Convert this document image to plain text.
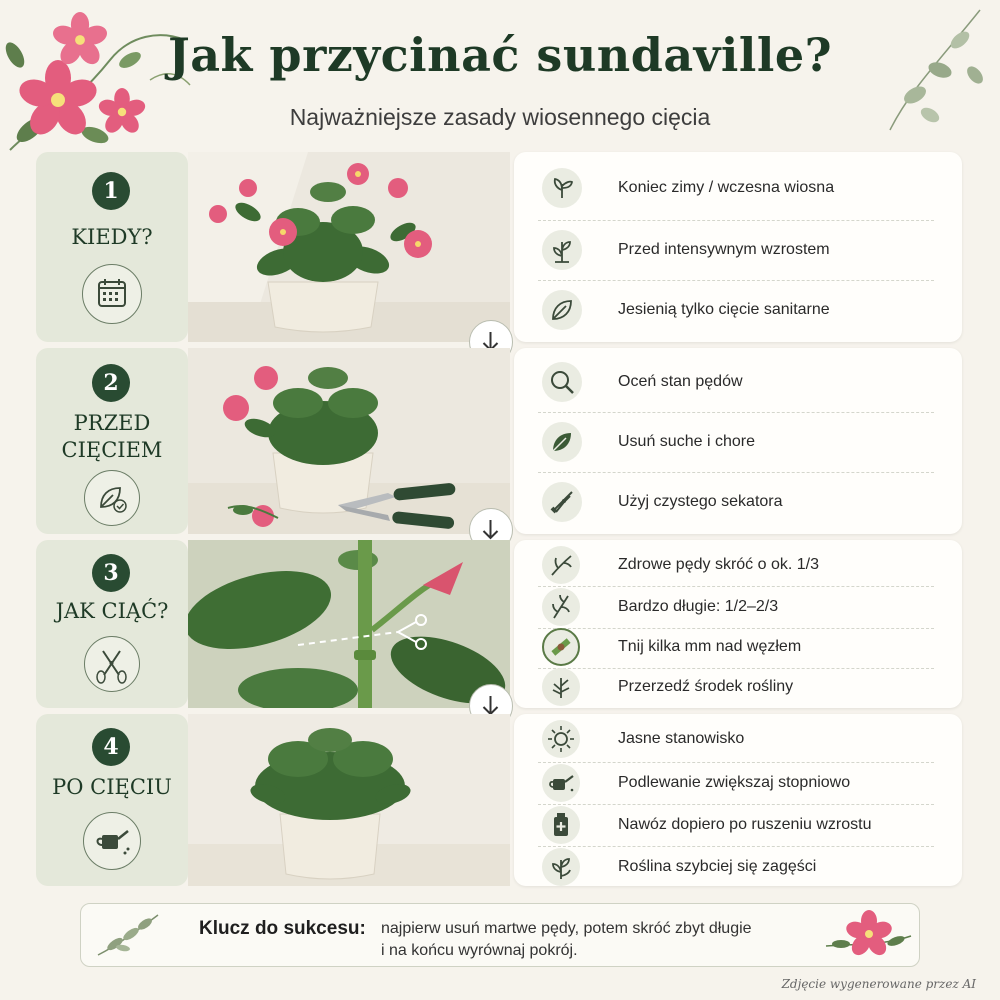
Jak przycinać sundaville?
Najważniejsze zasady wiosennego cięcia
1
KIEDY?
Koniec zimy / wczesna wiosna
Przed intensywnym wzrostem
Jesienią tylko cięcie sanitarne
2
PRZED
CIĘCIEM
Oceń stan pędów
Usuń suche i chore
Użyj czystego sekatora
3
JAK CIĄĆ?
Zdrowe pędy skróć o ok. 1/3
Bardzo długie: 1/2–2/3
Tnij kilka mm nad węzłem
Przerzedź środek rośliny
4
PO CIĘCIU
Jasne stanowisko
Podlewanie zwiększaj stopniowo
Nawóz dopiero po ruszeniu wzrostu
Roślina szybciej się zagęści
Klucz do sukcesu: najpierw usuń martwe pędy, potem skróć zbyt długie
i na końcu wyrównaj pokrój.
Zdjęcie wygenerowane przez AI
